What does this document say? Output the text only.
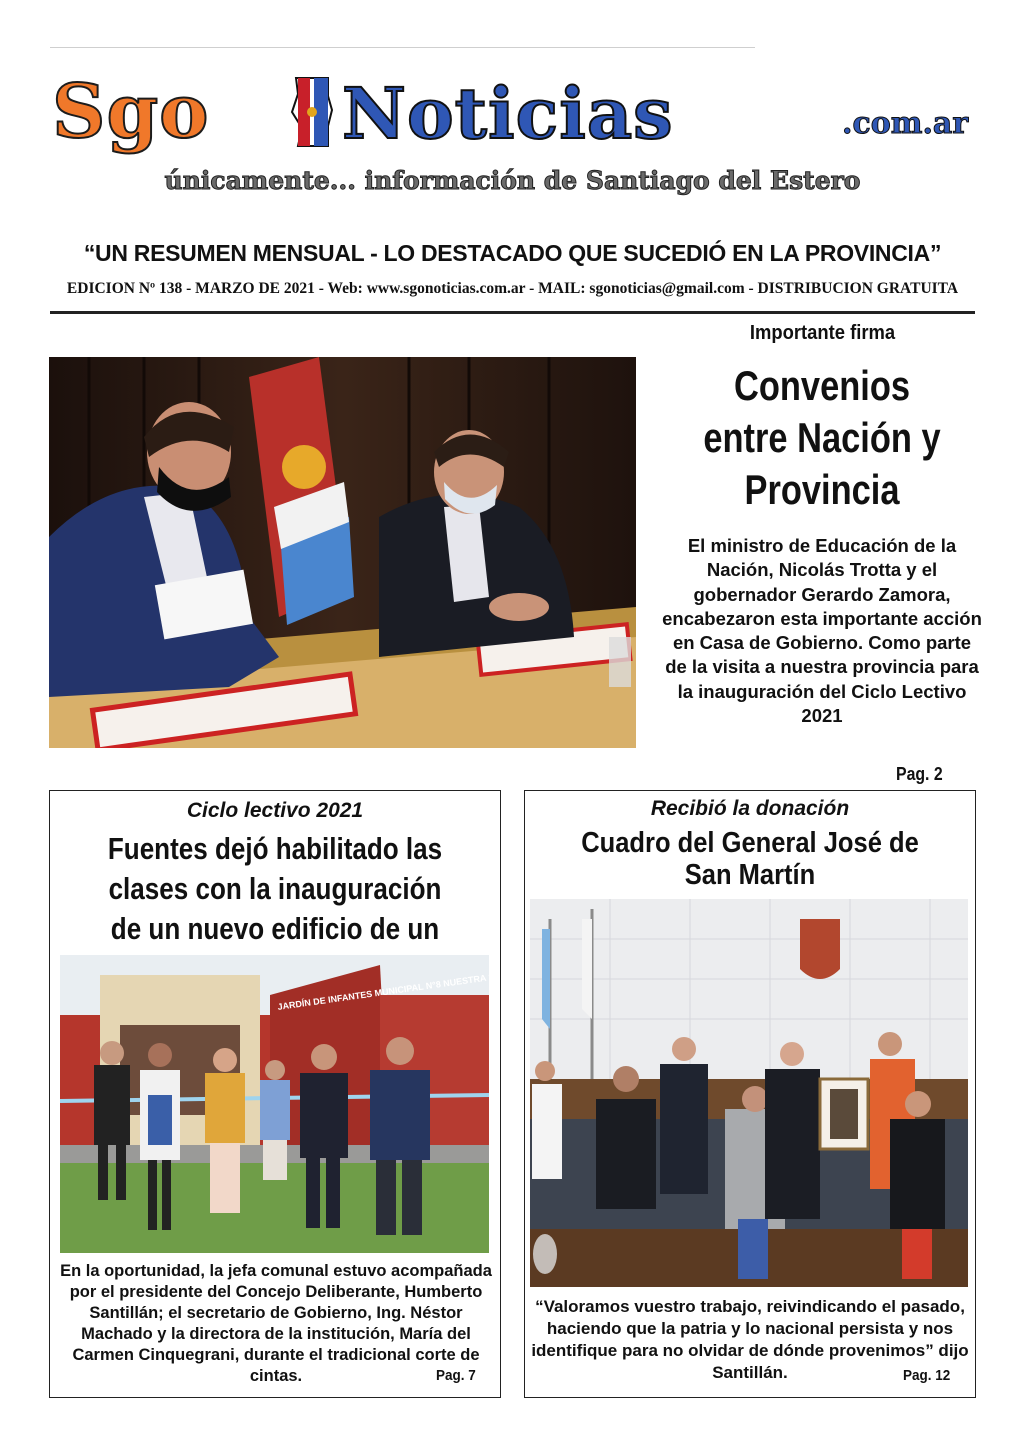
Sgo Noticias	.com.ar
únicamente... información de Santiago del Estero
“UN RESUMEN MENSUAL - LO DESTACADO QUE SUCEDIÓ EN LA PROVINCIA”
EDICION Nº 138 - MARZO DE 2021 - Web: www.sgonoticias.com.ar - MAIL: sgonoticias@gmail.com - DISTRIBUCION GRATUITA
Importante firma
Convenios entre Nación y Provincia
El ministro de Educación de la Nación, Nicolás Trotta y el gobernador Gerardo Zamora, encabezaron esta importante acción en Casa de Gobierno. Como parte de la visita a nuestra provincia para la inauguración del Ciclo Lectivo 2021
Pag. 2
Ciclo lectivo 2021
Fuentes dejó habilitado las clases con la inauguración de un nuevo edificio de un
En la oportunidad, la jefa comunal estuvo acompañada por el presidente del Concejo Deliberante, Humberto Santillán; el secretario de Gobierno, Ing. Néstor Machado y la directora de la institución, María del Carmen Cinquegrani, durante el tradicional corte de cintas.	Pag. 7
Recibió la donación
Cuadro del General José de San Martín
“Valoramos vuestro trabajo, reivindicando el pasado, haciendo que la patria y lo nacional persista y nos identifique para no olvidar de dónde provenimos” dijo Santillán.	Pag. 12
